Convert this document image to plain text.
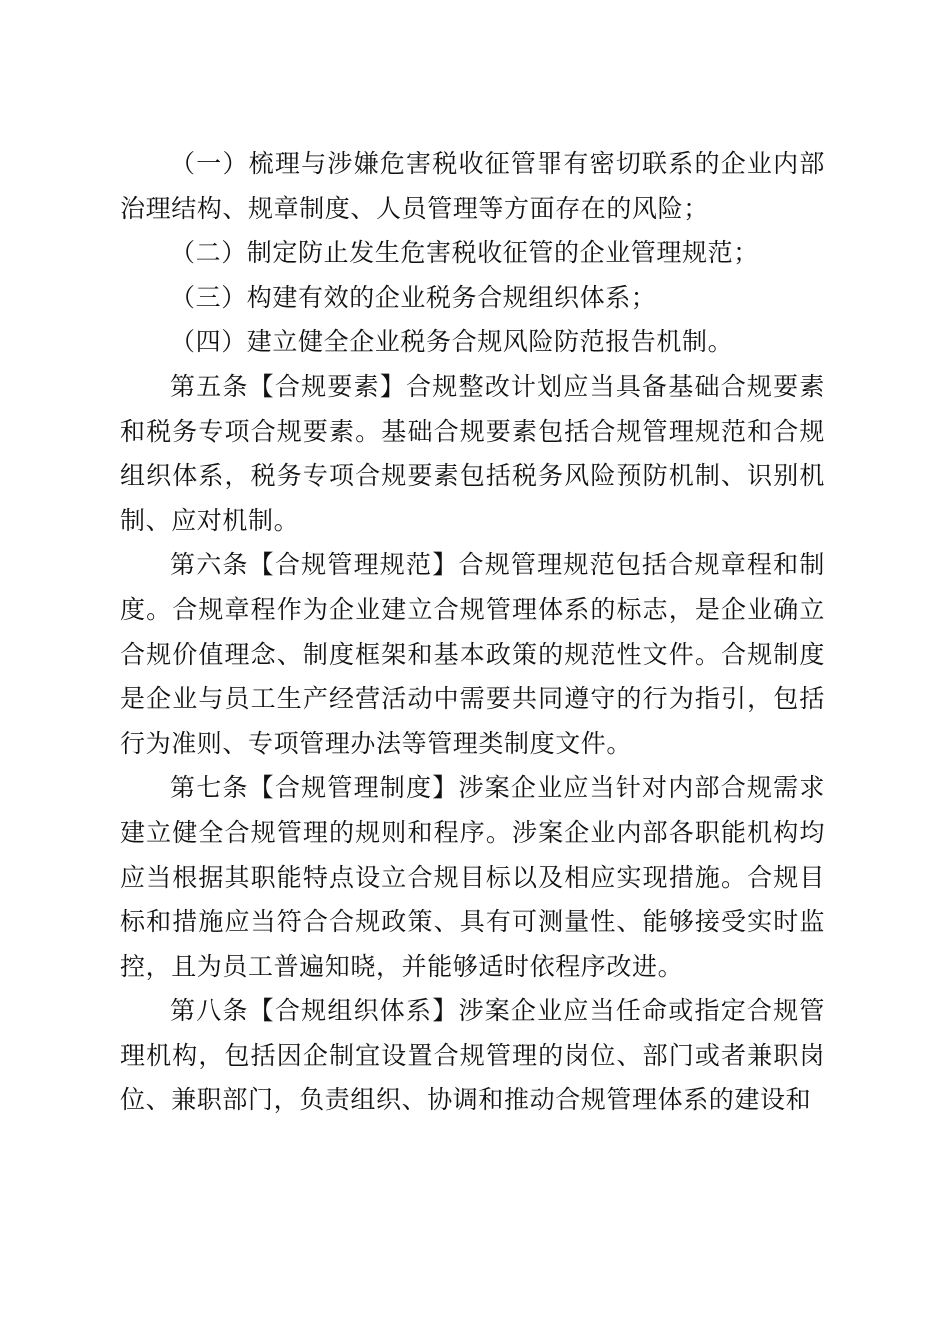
（一）梳理与涉嫌危害税收征管罪有密切联系的企业内部治理结构、规章制度、人员管理等方面存在的风险；

（二）制定防止发生危害税收征管的企业管理规范；

（三）构建有效的企业税务合规组织体系；

（四）建立健全企业税务合规风险防范报告机制。

第五条【合规要素】合规整改计划应当具备基础合规要素和税务专项合规要素。基础合规要素包括合规管理规范和合规组织体系，税务专项合规要素包括税务风险预防机制、识别机制、应对机制。

第六条【合规管理规范】合规管理规范包括合规章程和制度。合规章程作为企业建立合规管理体系的标志，是企业确立合规价值理念、制度框架和基本政策的规范性文件。合规制度是企业与员工生产经营活动中需要共同遵守的行为指引，包括行为准则、专项管理办法等管理类制度文件。

第七条【合规管理制度】涉案企业应当针对内部合规需求建立健全合规管理的规则和程序。涉案企业内部各职能机构均应当根据其职能特点设立合规目标以及相应实现措施。合规目标和措施应当符合合规政策、具有可测量性、能够接受实时监控，且为员工普遍知晓，并能够适时依程序改进。

第八条【合规组织体系】涉案企业应当任命或指定合规管理机构，包括因企制宜设置合规管理的岗位、部门或者兼职岗位、兼职部门，负责组织、协调和推动合规管理体系的建设和
